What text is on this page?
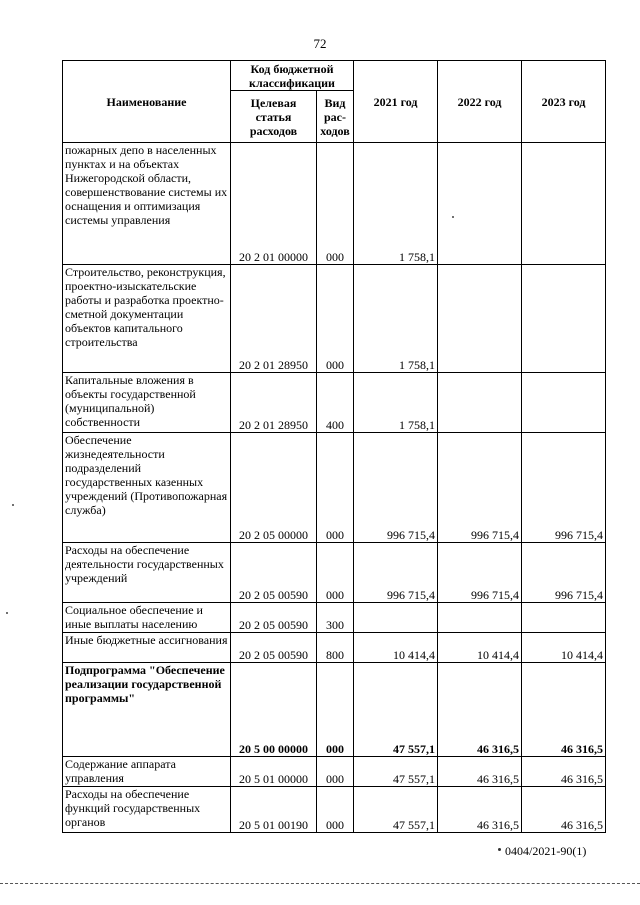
72
Наименование	Код бюджетной классификации		2021 год	2022 год	2023 год
	Целевая статья расходов	Вид рас-ходов			
пожарных депо в населенных пунктах и на объектах Нижегородской области, совершенствование системы их оснащения и оптимизация системы управления	20 2 01 00000	000	1 758,1		
Строительство, реконструкция, проектно-изыскательские работы и разработка проектно-сметной документации объектов капитального строительства	20 2 01 28950	000	1 758,1		
Капитальные вложения в объекты государственной (муниципальной) собственности	20 2 01 28950	400	1 758,1		
Обеспечение жизнедеятельности подразделений государственных казенных учреждений (Противопожарная служба)	20 2 05 00000	000	996 715,4	996 715,4	996 715,4
Расходы на обеспечение деятельности государственных учреждений	20 2 05 00590	000	996 715,4	996 715,4	996 715,4
Социальное обеспечение и иные выплаты населению	20 2 05 00590	300			
Иные бюджетные ассигнования	20 2 05 00590	800	10 414,4	10 414,4	10 414,4
Подпрограмма "Обеспечение реализации государственной программы"	20 5 00 00000	000	47 557,1	46 316,5	46 316,5
Содержание аппарата управления	20 5 01 00000	000	47 557,1	46 316,5	46 316,5
Расходы на обеспечение функций государственных органов	20 5 01 00190	000	47 557,1	46 316,5	46 316,5
0404/2021-90(1)
